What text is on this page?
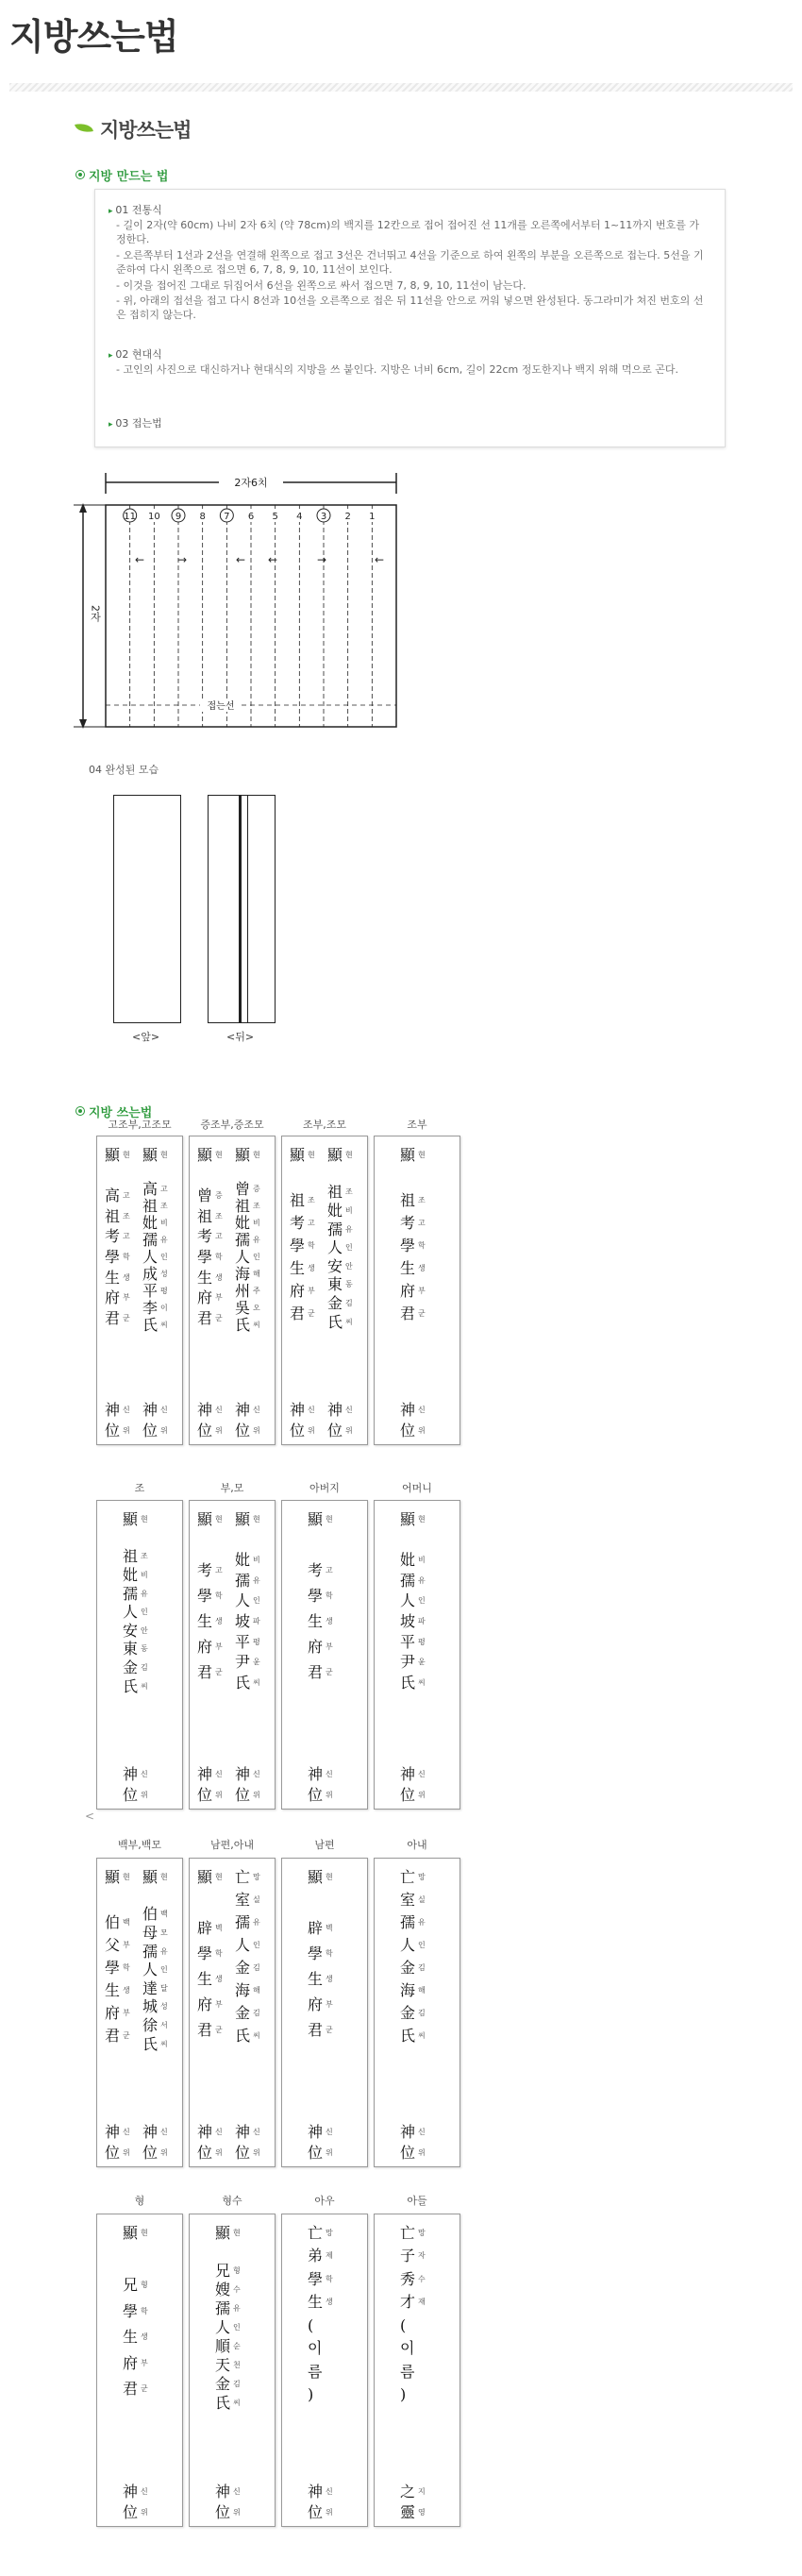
지방쓰는법
지방쓰는법
지방 만드는 법
▸ 01 전통식
- 길이 2자(약 60cm) 나비 2자 6치 (약 78cm)의 백지를 12칸으로 접어 접어진 선 11개를 오른쪽에서부터 1~11까지 번호를 가 정한다.
- 오른쪽부터 1선과 2선을 연결해 왼쪽으로 접고 3선은 건너뛰고 4선을 기준으로 하여 왼쪽의 부분을 오른쪽으로 접는다. 5선을 기준하여 다시 왼쪽으로 접으면 6, 7, 8, 9, 10, 11선이 보인다.
- 이것을 접어진 그대로 뒤집어서 6선을 왼쪽으로 싸서 접으면 7, 8, 9, 10, 11선이 남는다.
- 위, 아래의 접선을 접고 다시 8선과 10선을 오른쪽으로 접은 뒤 11선을 안으로 꺼워 넣으면 완성된다. 동그라미가 쳐진 번호의 선은 접히지 않는다.
▸ 02 현대식
- 고인의 사진으로 대신하거나 현대식의 지방을 쓰 붙인다. 지방은 너비 6cm, 길이 22cm 정도한지나 백지 위해 먹으로 곤다.
▸ 03 접는법
2자6치
2자
접는선
11 10 9 8 7 6 5 4 3 2 1
←	→	← ←	→	←
04 완성된 모습
<앞>	<뒤>
지방 쓰는법
고조부,고조모
顯 현
高 고
祖 조
考 고
學 학
生 생
府 부
君 군
神 신
位 위
顯 현
高 고
祖 조
妣 비
孺 유
人 인
成 성
平 평
李 이
氏 씨
神 신
位 위
증조부,증조모
顯 현
曾 증
祖 조
考 고
學 학
生 생
府 부
君 군
神 신
位 위
顯 현
曾 증
祖 조
妣 비
孺 유
人 인
海 해
州 주
吳 오
氏 씨
神 신
位 위
조부,조모
顯 현
祖 조
考 고
學 학
生 생
府 부
君 군
神 신
位 위
顯 현
祖 조
妣 비
孺 유
人 인
安 안
東 동
金 김
氏 씨
神 신
位 위
조부
顯 현
祖 조
考 고
學 학
生 생
府 부
君 군
神 신
位 위
조
顯 현
祖 조
妣 비
孺 유
人 인
安 안
東 동
金 김
氏 씨
神 신
位 위
부,모
顯 현
考 고
學 학
生 생
府 부
君 군
神 신
位 위
顯 현
妣 비
孺 유
人 인
坡 파
平 평
尹 윤
氏 씨
神 신
位 위
아버지
顯 현
考 고
學 학
生 생
府 부
君 군
神 신
位 위
어머니
顯 현
妣 비
孺 유
人 인
坡 파
平 평
尹 윤
氏 씨
神 신
位 위
백부,백모
顯 현
伯 백
父 부
學 학
生 생
府 부
君 군
神 신
位 위
顯 현
伯 백
母 모
孺 유
人 인
達 달
城 성
徐 서
氏 씨
神 신
位 위
남편,아내
顯 현
辟 벽
學 학
生 생
府 부
君 군
神 신
位 위
亡 망
室 실
孺 유
人 인
金 김
海 해
金 김
氏 씨
神 신
位 위
남편
顯 현
辟 벽
學 학
生 생
府 부
君 군
神 신
位 위
아내
亡 망
室 실
孺 유
人 인
金 김
海 해
金 김
氏 씨
神 신
位 위
형
顯 현
兄 형
學 학
生 생
府 부
君 군
神 신
位 위
형수
顯 현
兄 형
嫂 수
孺 유
人 인
順 순
天 천
金 김
氏 씨
神 신
位 위
아우
亡 망
弟 제
學 학
生 생
(
이
름
)
神 신
位 위
아들
亡 망
子 자
秀 수
才 재
(
이
름
)
之 지
靈 영
<
